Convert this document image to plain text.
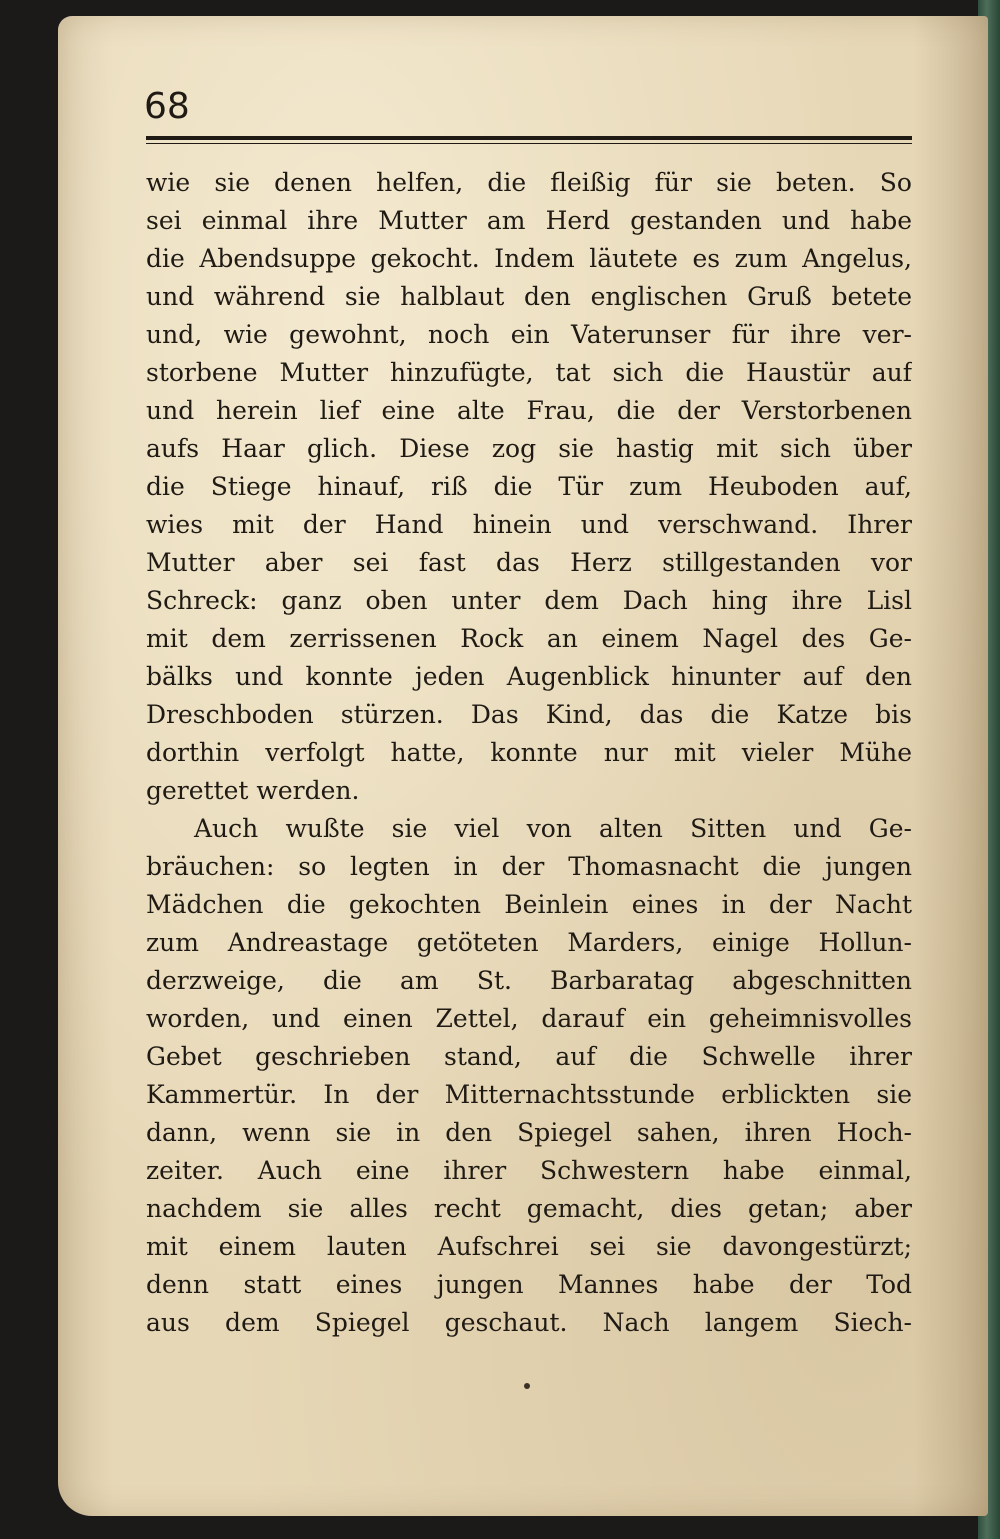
68

wie sie denen helfen, die fleißig für sie beten. So
sei einmal ihre Mutter am Herd gestanden und habe
die Abendsuppe gekocht. Indem läutete es zum Angelus,
und während sie halblaut den englischen Gruß betete
und, wie gewohnt, noch ein Vaterunser für ihre ver-
storbene Mutter hinzufügte, tat sich die Haustür auf
und herein lief eine alte Frau, die der Verstorbenen
aufs Haar glich. Diese zog sie hastig mit sich über
die Stiege hinauf, riß die Tür zum Heuboden auf,
wies mit der Hand hinein und verschwand. Ihrer
Mutter aber sei fast das Herz stillgestanden vor
Schreck: ganz oben unter dem Dach hing ihre Lisl
mit dem zerrissenen Rock an einem Nagel des Ge-
bälks und konnte jeden Augenblick hinunter auf den
Dreschboden stürzen. Das Kind, das die Katze bis
dorthin verfolgt hatte, konnte nur mit vieler Mühe
gerettet werden.
Auch wußte sie viel von alten Sitten und Ge-
bräuchen: so legten in der Thomasnacht die jungen
Mädchen die gekochten Beinlein eines in der Nacht
zum Andreastage getöteten Marders, einige Hollun-
derzweige, die am St. Barbaratag abgeschnitten
worden, und einen Zettel, darauf ein geheimnisvolles
Gebet geschrieben stand, auf die Schwelle ihrer
Kammertür. In der Mitternachtsstunde erblickten sie
dann, wenn sie in den Spiegel sahen, ihren Hoch-
zeiter. Auch eine ihrer Schwestern habe einmal,
nachdem sie alles recht gemacht, dies getan; aber
mit einem lauten Aufschrei sei sie davongestürzt;
denn statt eines jungen Mannes habe der Tod
aus dem Spiegel geschaut. Nach langem Siech-
